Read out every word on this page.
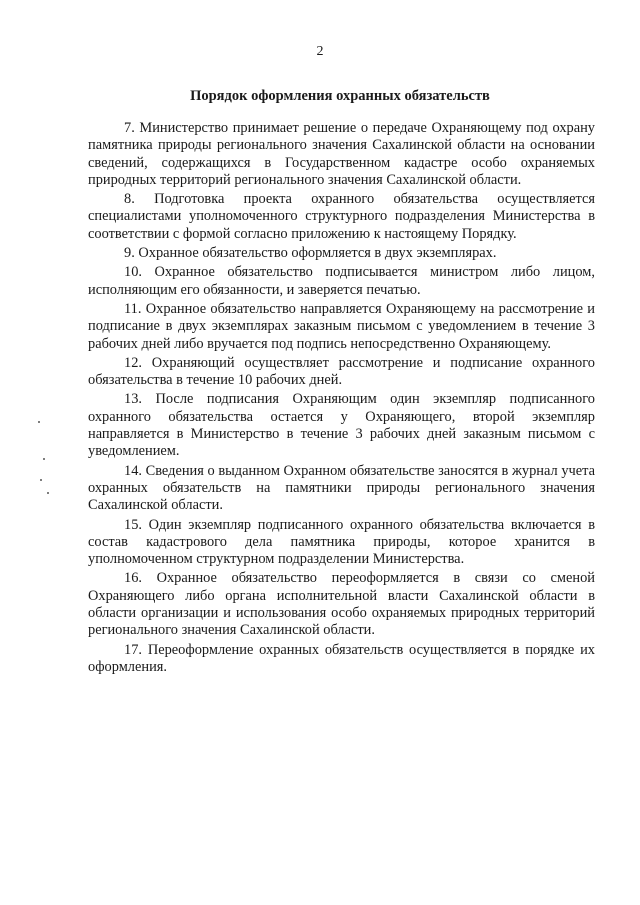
2
Порядок оформления охранных обязательств

7. Министерство принимает решение о передаче Охраняющему под охрану памятника природы регионального значения Сахалинской области на основании сведений, содержащихся в Государственном кадастре особо охраняемых природных территорий регионального значения Сахалинской области.

8. Подготовка проекта охранного обязательства осуществляется специалистами уполномоченного структурного подразделения Министерства в соответствии с формой согласно приложению к настоящему Порядку.

9. Охранное обязательство оформляется в двух экземплярах.

10. Охранное обязательство подписывается министром либо лицом, исполняющим его обязанности, и заверяется печатью.

11. Охранное обязательство направляется Охраняющему на рассмотрение и подписание в двух экземплярах заказным письмом с уведомлением в течение 3 рабочих дней либо вручается под подпись непосредственно Охраняющему.

12. Охраняющий осуществляет рассмотрение и подписание охранного обязательства в течение 10 рабочих дней.

13. После подписания Охраняющим один экземпляр подписанного охранного обязательства остается у Охраняющего, второй экземпляр направляется в Министерство в течение 3 рабочих дней заказным письмом с уведомлением.

14. Сведения о выданном Охранном обязательстве заносятся в журнал учета охранных обязательств на памятники природы регионального значения Сахалинской области.

15. Один экземпляр подписанного охранного обязательства включается в состав кадастрового дела памятника природы, которое хранится в уполномоченном структурном подразделении Министерства.

16. Охранное обязательство переоформляется в связи со сменой Охраняющего либо органа исполнительной власти Сахалинской области в области организации и использования особо охраняемых природных территорий регионального значения Сахалинской области.

17. Переоформление охранных обязательств осуществляется в порядке их оформления.
